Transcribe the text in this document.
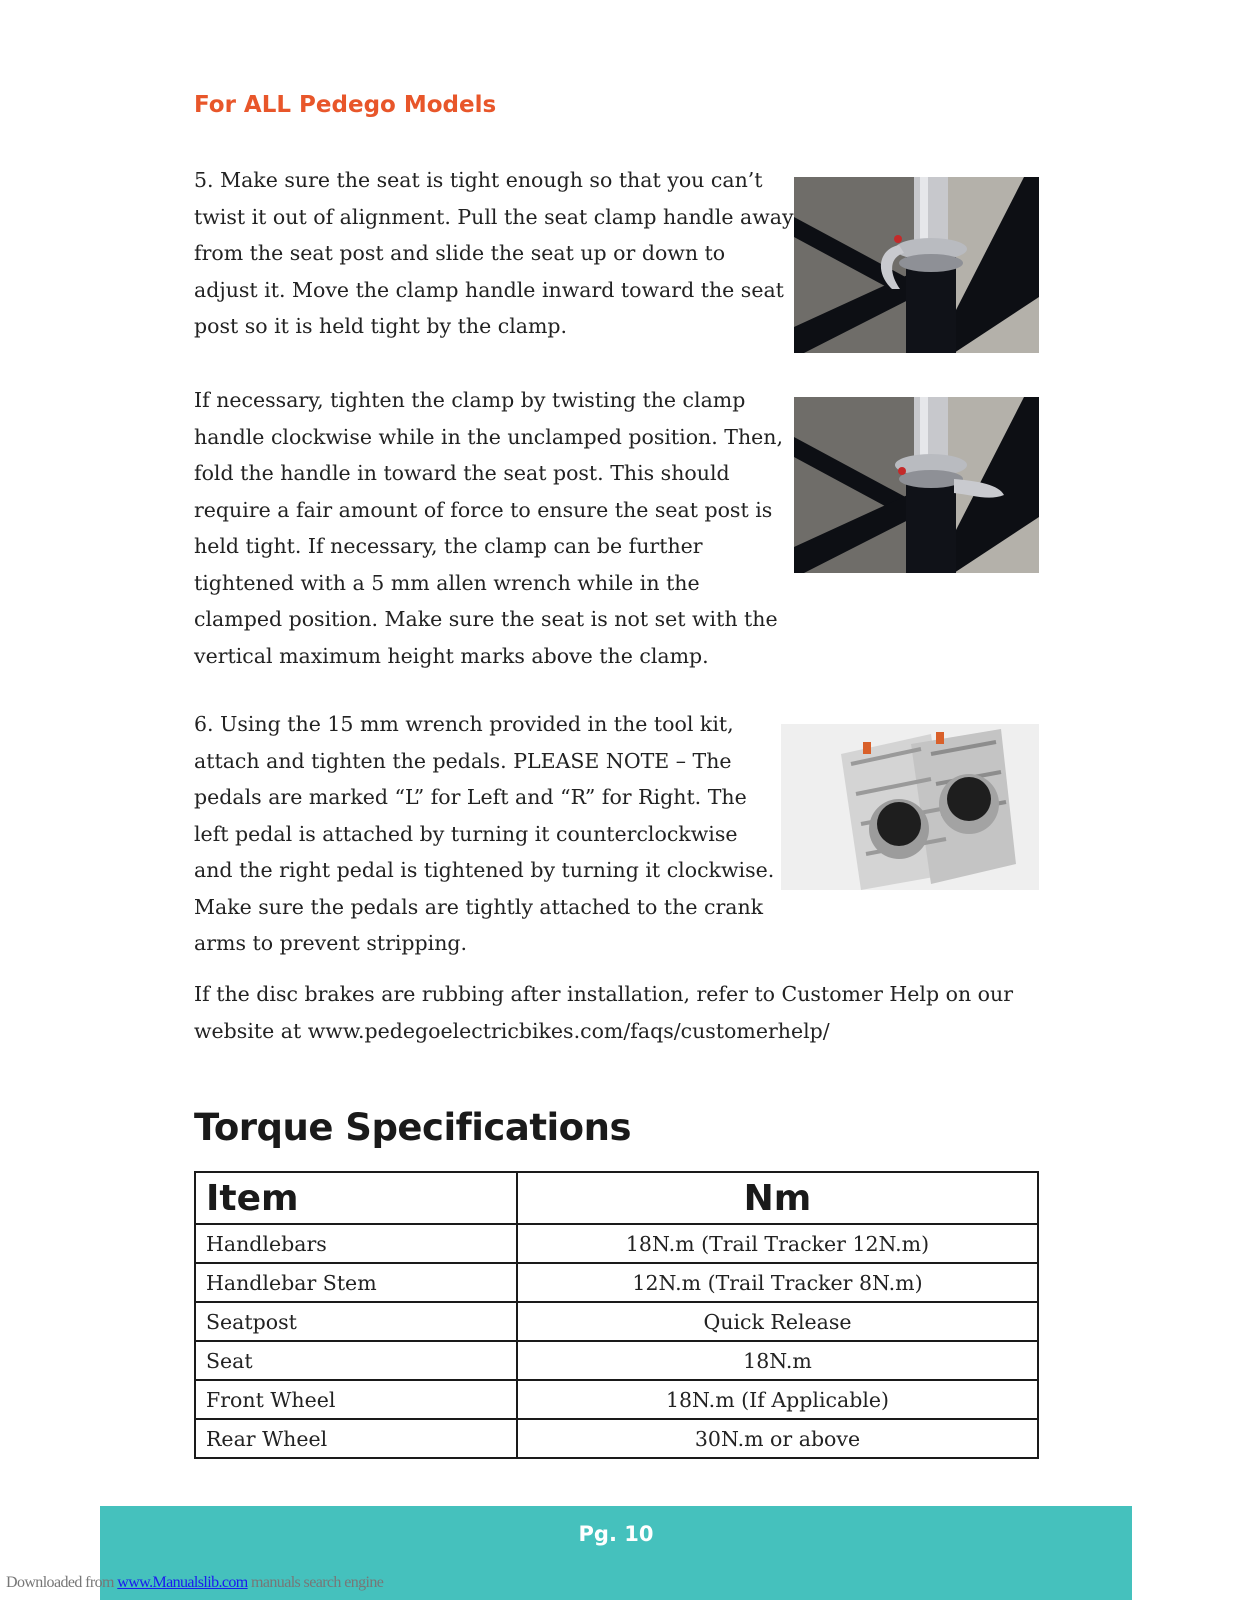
For ALL Pedego Models

5. Make sure the seat is tight enough so that you can’t twist it out of alignment. Pull the seat clamp handle away from the seat post and slide the seat up or down to adjust it. Move the clamp handle inward toward the seat post so it is held tight by the clamp.

If necessary, tighten the clamp by twisting the clamp handle clockwise while in the unclamped position. Then, fold the handle in toward the seat post. This should require a fair amount of force to ensure the seat post is held tight. If necessary, the clamp can be further tightened with a 5 mm allen wrench while in the clamped position. Make sure the seat is not set with the vertical maximum height marks above the clamp.

6. Using the 15 mm wrench provided in the tool kit, attach and tighten the pedals. PLEASE NOTE – The pedals are marked “L” for Left and “R” for Right. The left pedal is attached by turning it counterclockwise and the right pedal is tightened by turning it clockwise. Make sure the pedals are tightly attached to the crank arms to prevent stripping.

If the disc brakes are rubbing after installation, refer to Customer Help on our website at www.pedegoelectricbikes.com/faqs/customerhelp/

Torque Specifications
Item	Nm
Handlebars	18N.m (Trail Tracker 12N.m)
Handlebar Stem	12N.m (Trail Tracker 8N.m)
Seatpost	Quick Release
Seat	18N.m
Front Wheel	18N.m (If Applicable)
Rear Wheel	30N.m or above
Pg. 10
Downloaded from www.Manualslib.com manuals search engine
